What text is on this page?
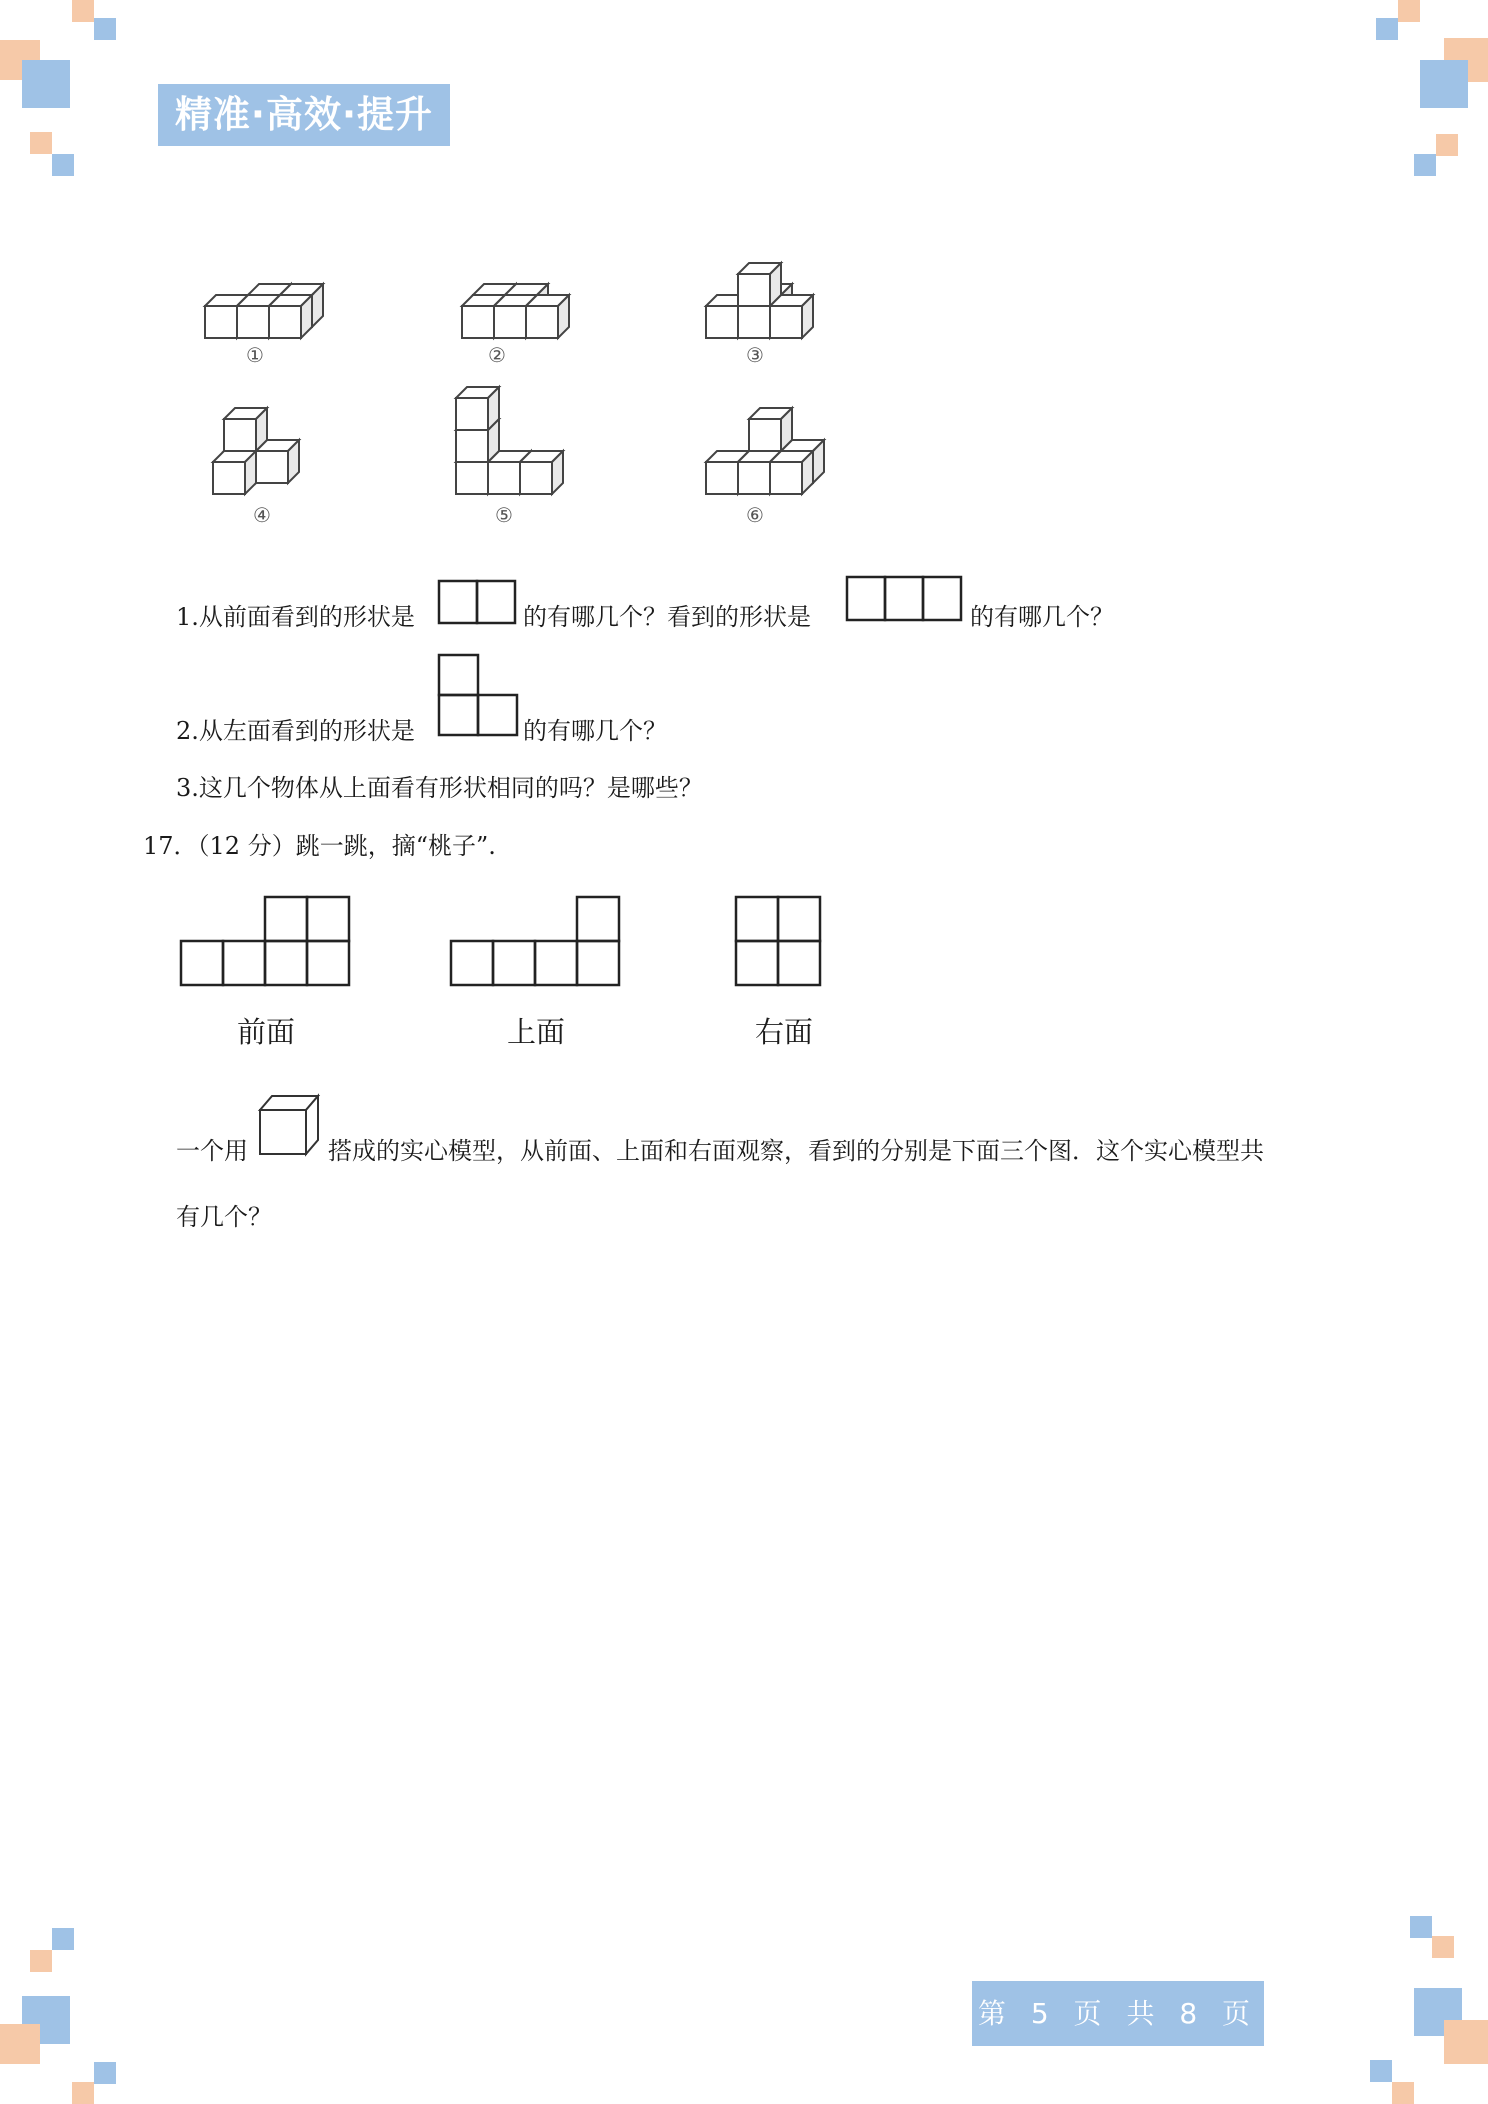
精准·高效·提升
①	②	③
④	⑤	⑥
1.从前面看到的形状是	的有哪几个？看到的形状是	的有哪几个？
2.从左面看到的形状是	的有哪几个？
3.这几个物体从上面看有形状相同的吗？是哪些？
17．（12 分）跳一跳，摘“桃子”.
前面	上面	右面
一个用	搭成的实心模型，从前面、上面和右面观察，看到的分别是下面三个图．这个实心模型共
有几个？
第 5 页 共 8 页
